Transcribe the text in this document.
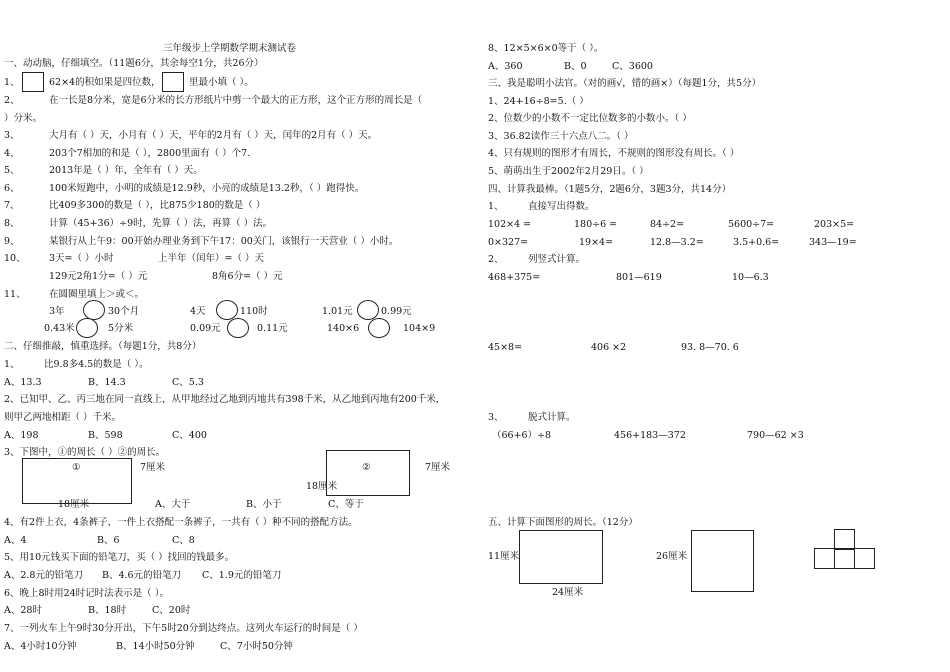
三年级步上学期数学期末测试卷
一、动动脑，仔细填空。（11题6分，其余每空1分，共26分）
1、	62×4的积如果是四位数，	里最小填（ ）。
2、	在一长是8分米，宽是6分米的长方形纸片中剪一个最大的正方形，这个正方形的周长是（
）分米。
3、	大月有（ ）天，小月有（ ）天，平年的2月有（ ）天，闰年的2月有（ ）天。
4、	203个7相加的和是（ ），2800里面有（ ）个7.
5、	2013年是（ ）年，全年有（ ）天。
6、	100米短跑中，小明的成绩是12.9秒，小亮的成绩是13.2秒，（ ）跑得快。
7、	比409多300的数是（ ），比875少180的数是（ ）
8、	计算（45+36）÷9时，先算（ ）法，再算（ ）法。
9、	某银行从上午9：00开始办理业务到下午17：00关门，该银行一天营业（ ）小时。
10、 3天=（ ）小时	上半年（闰年）=（ ）天
129元2角1分=（ ）元	8角6分=（ ）元
11、 在圆圈里填上＞或＜。
3年	30个月	4天	110时	1.01元	0.99元
0.43米	5分米	0.09元	0.11元	140×6	104×9
二、仔细推敲，慎重选择。（每题1分，共8分）
1、	比9.8多4.5的数是（ ）。
A、13.3	B、14.3	C、5.3
2、已知甲、乙、丙三地在同一直线上，从甲地经过乙地到丙地共有398千米，从乙地到丙地有200千米，
则甲乙两地相距（ ）千米。
A、198	B、598	C、400
3、下图中，①的周长（ ）②的周长。
①	7厘米
18厘米
②	7厘米
18厘米
A、大于	B、小于	C、等于
4、有2件上衣，4条裤子，一件上衣搭配一条裤子，一共有（ ）种不同的搭配方法。
A、4	B、6	C、8
5、用10元钱买下面的铅笔刀，买（ ）找回的钱最多。
A、2.8元的铅笔刀 B、4.6元的铅笔刀 C、1.9元的铅笔刀
6、晚上8时用24时记时法表示是（ ）。
A、28时	B、18时	C、20时
7、一列火车上午9时30分开出，下午5时20分到达终点。这列火车运行的时间是（ ）
A、4小时10分钟	B、14小时50分钟	C、7小时50分钟
8、12×5×6×0等于（ ）。
A、360	B、0	C、3600
三、我是聪明小法官。（对的画√，错的画×）（每题1分，共5分）
1、24+16÷8=5.（ ）
2、位数少的小数不一定比位数多的小数小。（ ）
3、36.82读作三十六点八二。（ ）
4、只有规则的图形才有周长，不规则的图形没有周长。（ ）
5、萌萌出生于2002年2月29日。（ ）
四、计算我最棒。（1题5分，2题6分，3题3分，共14分）
1、	直接写出得数。
102×4 =	180÷6 =	84÷2=	5600÷7=	203×5=
0×327=	19×4=	12.8—3.2=	3.5+0.6=	343—19=
2、	列竖式计算。
468+375=	801—619	10—6.3
45×8=	406 ×2	93. 8—70. 6
3、	脱式计算。
（66+6）÷8	456+183—372	790—62 ×3
五、计算下面图形的周长。（12分）
11厘米
24厘米
26厘米
